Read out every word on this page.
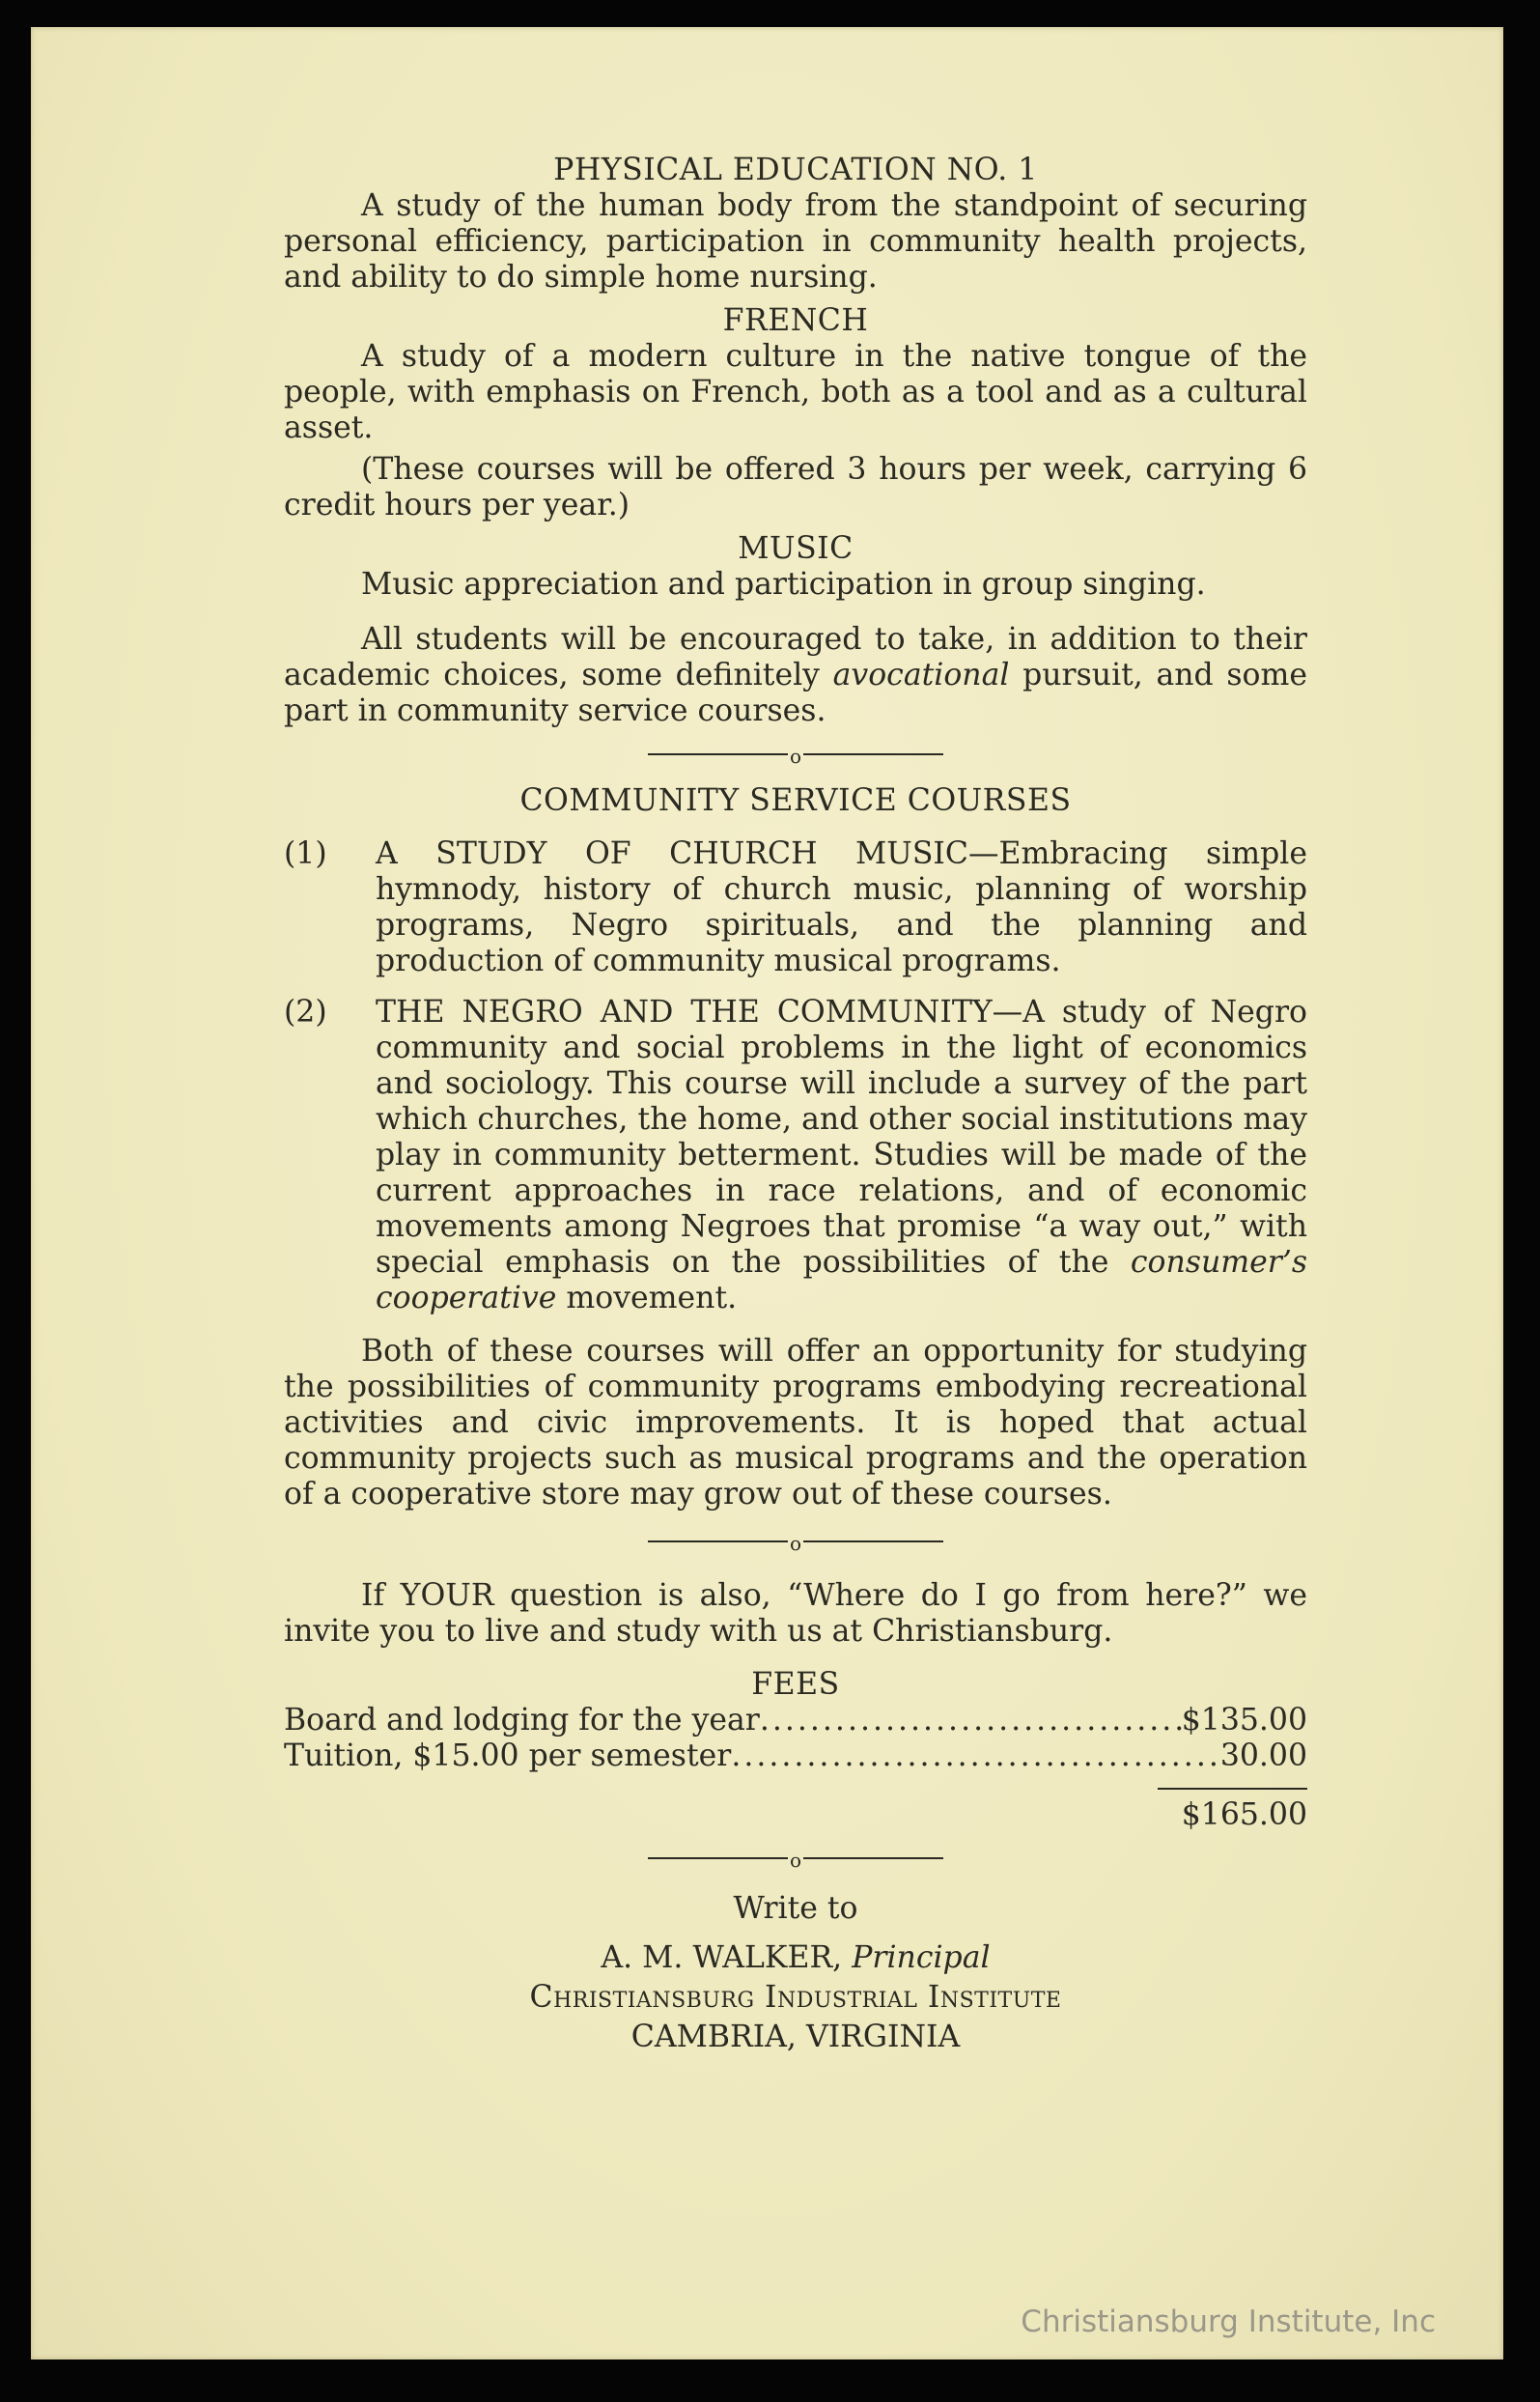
PHYSICAL EDUCATION NO. 1

A study of the human body from the standpoint of securing personal efficiency, participation in community health projects, and ability to do simple home nursing.

FRENCH

A study of a modern culture in the native tongue of the people, with emphasis on French, both as a tool and as a cultural asset.

(These courses will be offered 3 hours per week, carrying 6 credit hours per year.)

MUSIC

Music appreciation and participation in group singing.

All students will be encouraged to take, in addition to their academic choices, some definitely avocational pursuit, and some part in community service courses.

o

COMMUNITY SERVICE COURSES

(1)	A STUDY OF CHURCH MUSIC—Embracing simple hymnody, history of church music, planning of worship programs, Negro spirituals, and the planning and production of community musical programs.
(2)	THE NEGRO AND THE COMMUNITY—A study of Negro community and social problems in the light of economics and sociology. This course will include a survey of the part which churches, the home, and other social institutions may play in community betterment. Studies will be made of the current approaches in race relations, and of economic movements among Negroes that promise “a way out,” with special emphasis on the possibilities of the consumer’s cooperative movement.

Both of these courses will offer an opportunity for studying the possibilities of community programs embodying recreational activities and civic improvements. It is hoped that actual community projects such as musical programs and the operation of a cooperative store may grow out of these courses.

o

If YOUR question is also, “Where do I go from here?” we invite you to live and study with us at Christiansburg.

FEES

Board and lodging for the year .....	$135.00
Tuition, $15.00 per semester .....	30.00
$165.00
o

Write to

A. M. WALKER, Principal

Christiansburg Industrial Institute

CAMBRIA, VIRGINIA

Christiansburg Institute, Inc
